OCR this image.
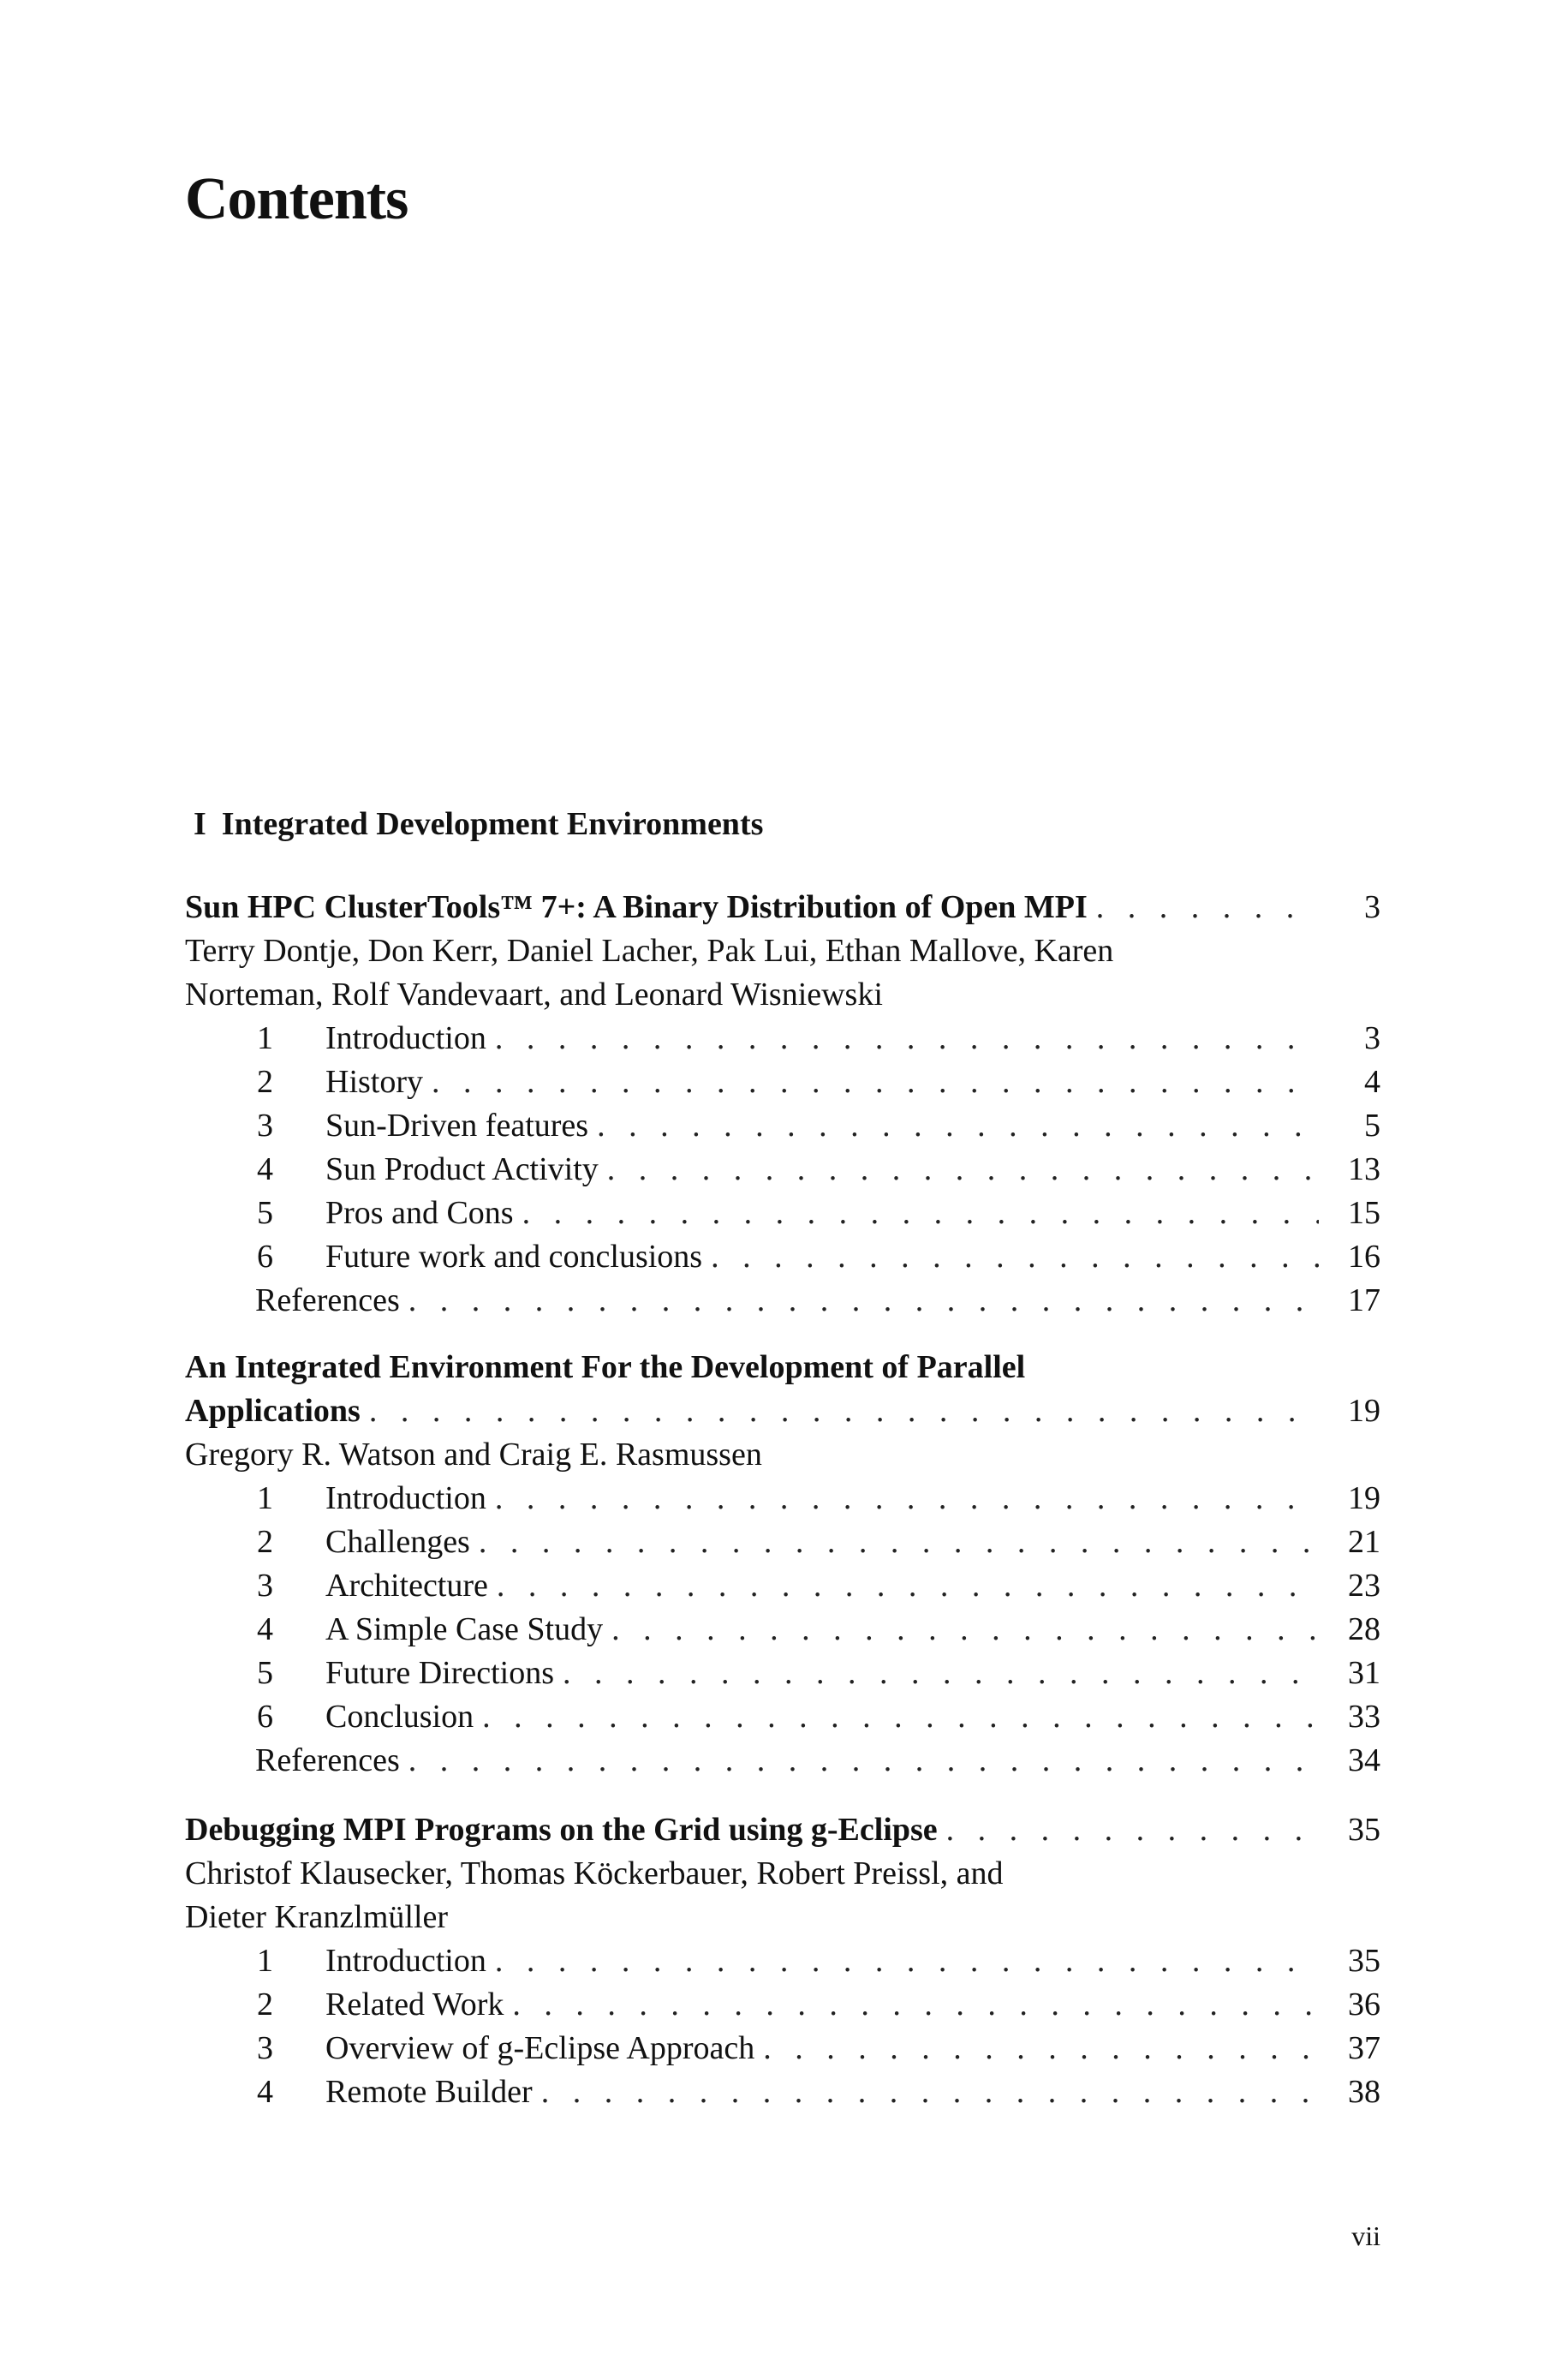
Contents
I Integrated Development Environments
Sun HPC ClusterTools™ 7+: A Binary Distribution of Open MPI . . .	3
Terry Dontje, Don Kerr, Daniel Lacher, Pak Lui, Ethan Mallove, Karen
Norteman, Rolf Vandevaart, and Leonard Wisniewski
1	Introduction . . .	3
2	History . . .	4
3	Sun-Driven features . . .	5
4	Sun Product Activity . . .	13
5	Pros and Cons . . .	15
6	Future work and conclusions . . .	16
References . . .	17
An Integrated Environment For the Development of Parallel
Applications . . .	19
Gregory R. Watson and Craig E. Rasmussen
1	Introduction . . .	19
2	Challenges . . .	21
3	Architecture . . .	23
4	A Simple Case Study . . .	28
5	Future Directions . . .	31
6	Conclusion . . .	33
References . . .	34
Debugging MPI Programs on the Grid using g-Eclipse . . .	35
Christof Klausecker, Thomas Köckerbauer, Robert Preissl, and
Dieter Kranzlmüller
1	Introduction . . .	35
2	Related Work . . .	36
3	Overview of g-Eclipse Approach . . .	37
4	Remote Builder . . .	38
vii
